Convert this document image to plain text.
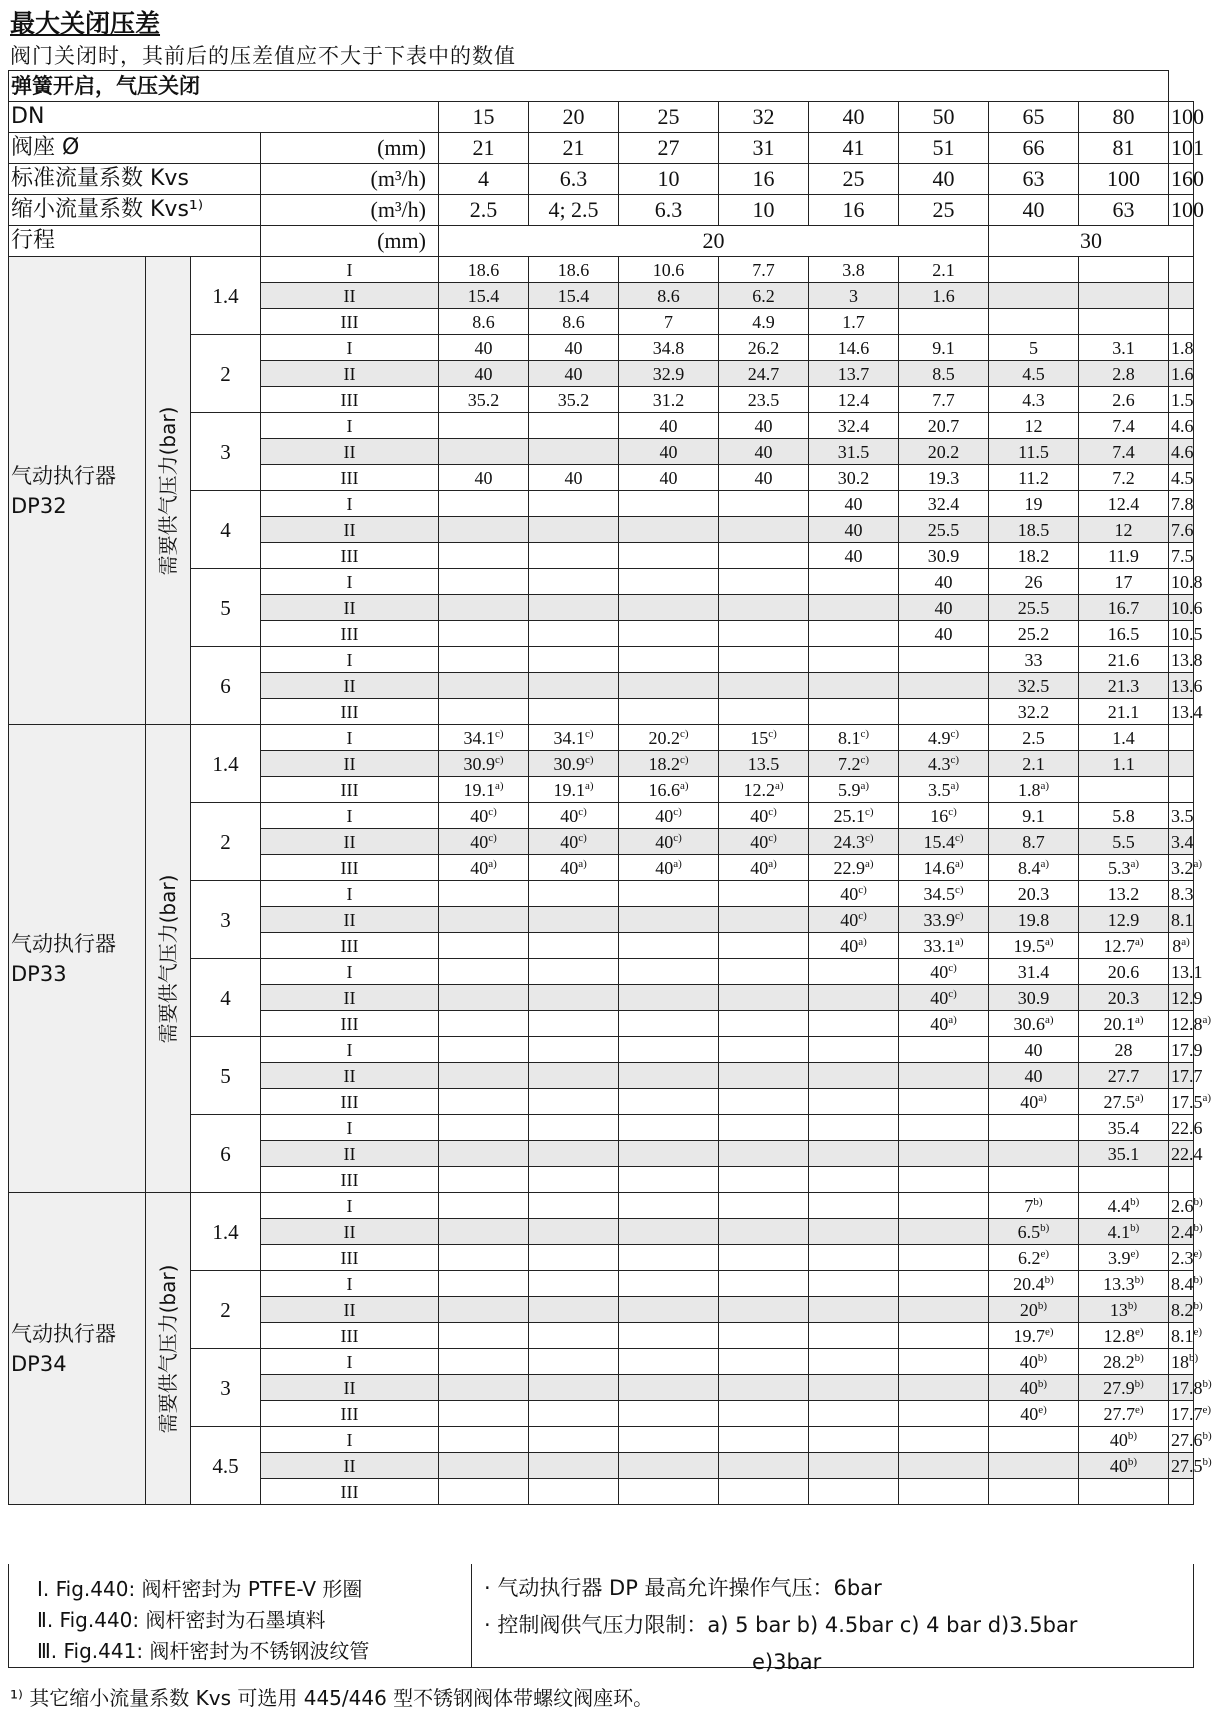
最大关闭压差
阀门关闭时，其前后的压差值应不大于下表中的数值
弹簧开启，气压关闭												
DN				15	20	25	32	40	50	65	80	100
阀座 Ø			(mm)	21	21	27	31	41	51	66	81	101
标准流量系数 Kvs			(m³/h)	4	6.3	10	16	25	40	63	100	160
缩小流量系数 Kvs¹⁾			(m³/h)	2.5	4; 2.5	6.3	10	16	25	40	63	100
行程			(mm)	20						30		
气动执行器
DP32	需要供气压力(bar)	1.4	I	18.6	18.6	10.6	7.7	3.8	2.1			
			II	15.4	15.4	8.6	6.2	3	1.6			
			III	8.6	8.6	7	4.9	1.7				
		2	I	40	40	34.8	26.2	14.6	9.1	5	3.1	1.8
			II	40	40	32.9	24.7	13.7	8.5	4.5	2.8	1.6
			III	35.2	35.2	31.2	23.5	12.4	7.7	4.3	2.6	1.5
		3	I			40	40	32.4	20.7	12	7.4	4.6
			II			40	40	31.5	20.2	11.5	7.4	4.6
			III	40	40	40	40	30.2	19.3	11.2	7.2	4.5
		4	I					40	32.4	19	12.4	7.8
			II					40	25.5	18.5	12	7.6
			III					40	30.9	18.2	11.9	7.5
		5	I						40	26	17	10.8
			II						40	25.5	16.7	10.6
			III						40	25.2	16.5	10.5
		6	I							33	21.6	13.8
			II							32.5	21.3	13.6
			III							32.2	21.1	13.4
气动执行器
DP33	需要供气压力(bar)	1.4	I	34.1$^{c)}$	34.1$^{c)}$	20.2$^{c)}$	15$^{c)}$	8.1$^{c)}$	4.9$^{c)}$	2.5	1.4	
			II	30.9$^{c)}$	30.9$^{c)}$	18.2$^{c)}$	13.5	7.2$^{c)}$	4.3$^{c)}$	2.1	1.1	
			III	19.1$^{a)}$	19.1$^{a)}$	16.6$^{a)}$	12.2$^{a)}$	5.9$^{a)}$	3.5$^{a)}$	1.8$^{a)}$		
		2	I	40$^{c)}$	40$^{c)}$	40$^{c)}$	40$^{c)}$	25.1$^{c)}$	16$^{c)}$	9.1	5.8	3.5
			II	40$^{c)}$	40$^{c)}$	40$^{c)}$	40$^{c)}$	24.3$^{c)}$	15.4$^{c)}$	8.7	5.5	3.4
			III	40$^{a)}$	40$^{a)}$	40$^{a)}$	40$^{a)}$	22.9$^{a)}$	14.6$^{a)}$	8.4$^{a)}$	5.3$^{a)}$	3.2$^{a)}$
		3	I					40$^{c)}$	34.5$^{c)}$	20.3	13.2	8.3
			II					40$^{c)}$	33.9$^{c)}$	19.8	12.9	8.1
			III					40$^{a)}$	33.1$^{a)}$	19.5$^{a)}$	12.7$^{a)}$	8$^{a)}$
		4	I						40$^{c)}$	31.4	20.6	13.1
			II						40$^{c)}$	30.9	20.3	12.9
			III						40$^{a)}$	30.6$^{a)}$	20.1$^{a)}$	12.8$^{a)}$
		5	I							40	28	17.9
			II							40	27.7	17.7
			III							40$^{a)}$	27.5$^{a)}$	17.5$^{a)}$
		6	I								35.4	22.6
			II								35.1	22.4
			III									
气动执行器
DP34	需要供气压力(bar)	1.4	I							7$^{b)}$	4.4$^{b)}$	2.6$^{b)}$
			II							6.5$^{b)}$	4.1$^{b)}$	2.4$^{b)}$
			III							6.2$^{e)}$	3.9$^{e)}$	2.3$^{e)}$
		2	I							20.4$^{b)}$	13.3$^{b)}$	8.4$^{b)}$
			II							20$^{b)}$	13$^{b)}$	8.2$^{b)}$
			III							19.7$^{e)}$	12.8$^{e)}$	8.1$^{e)}$
		3	I							40$^{b)}$	28.2$^{b)}$	18$^{b)}$
			II							40$^{b)}$	27.9$^{b)}$	17.8$^{b)}$
			III							40$^{e)}$	27.7$^{e)}$	17.7$^{e)}$
		4.5	I								40$^{b)}$	27.6$^{b)}$
			II								40$^{b)}$	27.5$^{b)}$
			III									
Ⅰ. Fig.440: 阀杆密封为 PTFE-V 形圈
Ⅱ. Fig.440: 阀杆密封为石墨填料
Ⅲ. Fig.441: 阀杆密封为不锈钢波纹管
· 气动执行器 DP 最高允许操作气压：6bar
· 控制阀供气压力限制：a) 5 bar b) 4.5bar c) 4 bar d)3.5bar
e)3bar
¹⁾ 其它缩小流量系数 Kvs 可选用 445/446 型不锈钢阀体带螺纹阀座环。
